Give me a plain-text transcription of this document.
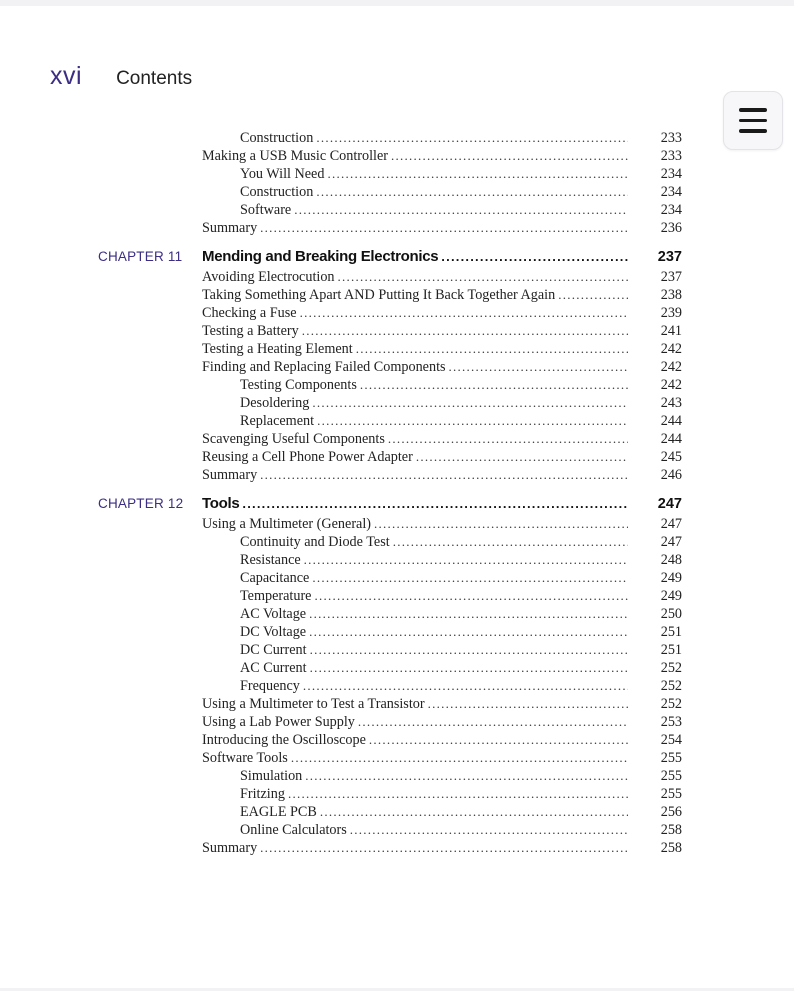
xvi Contents
Construction . . .	233
Making a USB Music Controller . . .	233
You Will Need . . .	234
Construction . . .	234
Software . . .	234
Summary . . .	236
CHAPTER 11	Mending and Breaking Electronics . . .	237
Avoiding Electrocution . . .	237
Taking Something Apart AND Putting It Back Together Again . . .	238
Checking a Fuse . . .	239
Testing a Battery . . .	241
Testing a Heating Element . . .	242
Finding and Replacing Failed Components . . .	242
Testing Components . . .	242
Desoldering . . .	243
Replacement . . .	244
Scavenging Useful Components . . .	244
Reusing a Cell Phone Power Adapter . . .	245
Summary . . .	246
CHAPTER 12	Tools . . .	247
Using a Multimeter (General) . . .	247
Continuity and Diode Test . . .	247
Resistance . . .	248
Capacitance . . .	249
Temperature . . .	249
AC Voltage . . .	250
DC Voltage . . .	251
DC Current . . .	251
AC Current . . .	252
Frequency . . .	252
Using a Multimeter to Test a Transistor . . .	252
Using a Lab Power Supply . . .	253
Introducing the Oscilloscope . . .	254
Software Tools . . .	255
Simulation . . .	255
Fritzing . . .	255
EAGLE PCB . . .	256
Online Calculators . . .	258
Summary . . .	258
